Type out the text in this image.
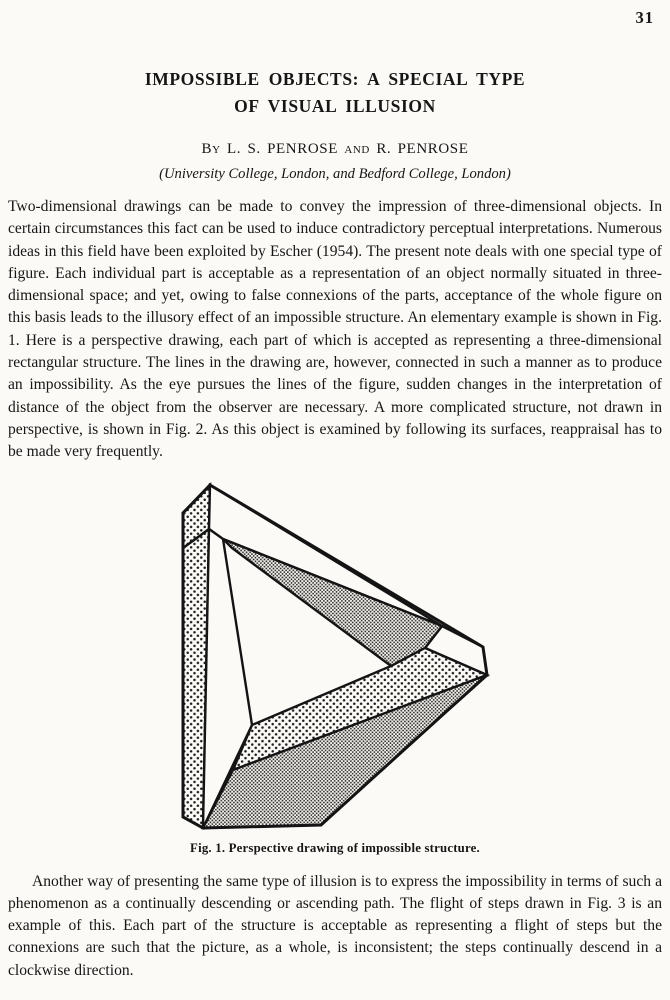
31
IMPOSSIBLE OBJECTS: A SPECIAL TYPE
OF VISUAL ILLUSION
By L. S. PENROSE and R. PENROSE
(University College, London, and Bedford College, London)
Two-dimensional drawings can be made to convey the impression of three-dimensional objects. In certain circumstances this fact can be used to induce contradictory perceptual interpretations. Numerous ideas in this field have been exploited by Escher (1954). The present note deals with one special type of figure. Each individual part is acceptable as a representation of an object normally situated in three-dimensional space; and yet, owing to false connexions of the parts, acceptance of the whole figure on this basis leads to the illusory effect of an impossible structure. An elementary example is shown in Fig. 1. Here is a perspective drawing, each part of which is accepted as representing a three-dimensional rectangular structure. The lines in the drawing are, however, connected in such a manner as to produce an impossibility. As the eye pursues the lines of the figure, sudden changes in the interpretation of distance of the object from the observer are necessary. A more complicated structure, not drawn in perspective, is shown in Fig. 2. As this object is examined by following its surfaces, reappraisal has to be made very frequently.
Fig. 1. Perspective drawing of impossible structure.
Another way of presenting the same type of illusion is to express the impossibility in terms of such a phenomenon as a continually descending or ascending path. The flight of steps drawn in Fig. 3 is an example of this. Each part of the structure is acceptable as representing a flight of steps but the connexions are such that the picture, as a whole, is inconsistent; the steps continually descend in a clockwise direction.
